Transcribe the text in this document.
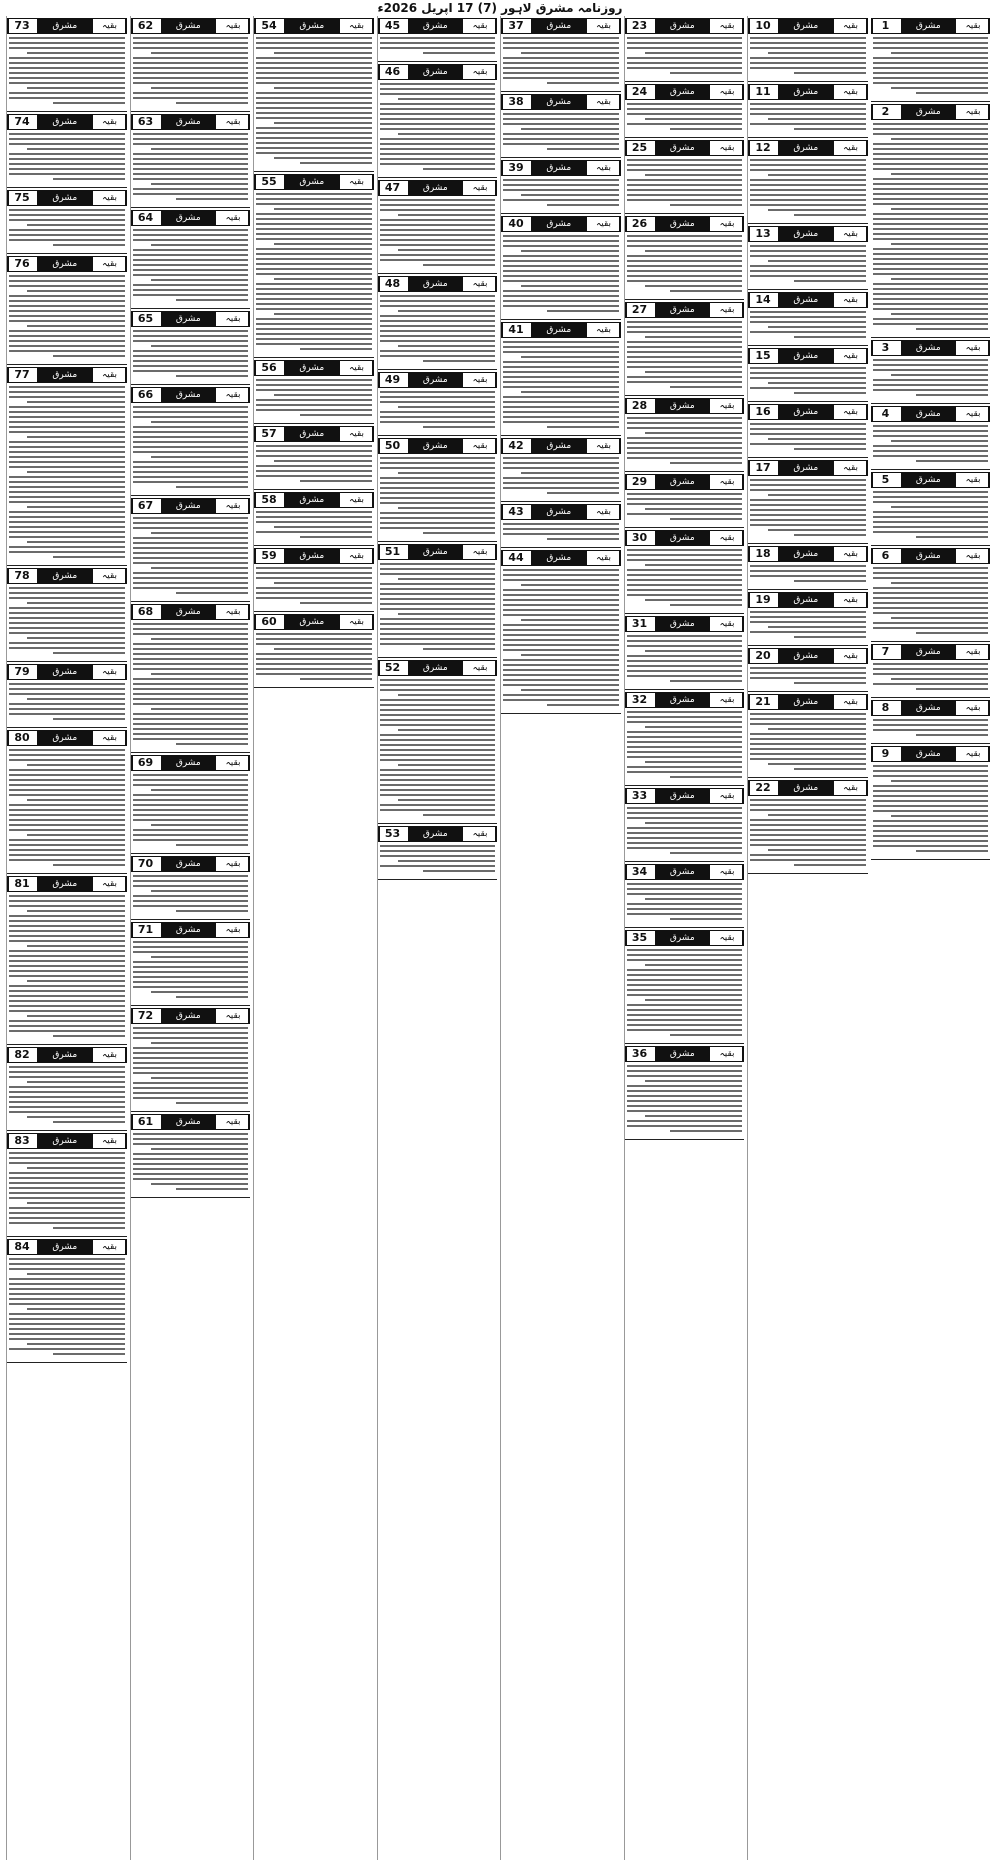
روزنامہ مشرق لاہور (7) 17 اپریل 2026ء
بقیہ
مشرق
73
بقیہ
مشرق
74
بقیہ
مشرق
75
بقیہ
مشرق
76
بقیہ
مشرق
77
بقیہ
مشرق
78
بقیہ
مشرق
79
بقیہ
مشرق
80
بقیہ
مشرق
81
بقیہ
مشرق
82
بقیہ
مشرق
83
بقیہ
مشرق
84
بقیہ
مشرق
62
بقیہ
مشرق
63
بقیہ
مشرق
64
بقیہ
مشرق
65
بقیہ
مشرق
66
بقیہ
مشرق
67
بقیہ
مشرق
68
بقیہ
مشرق
69
بقیہ
مشرق
70
بقیہ
مشرق
71
بقیہ
مشرق
72
بقیہ
مشرق
61
بقیہ
مشرق
54
بقیہ
مشرق
55
بقیہ
مشرق
56
بقیہ
مشرق
57
بقیہ
مشرق
58
بقیہ
مشرق
59
بقیہ
مشرق
60
بقیہ
مشرق
45
بقیہ
مشرق
46
بقیہ
مشرق
47
بقیہ
مشرق
48
بقیہ
مشرق
49
بقیہ
مشرق
50
بقیہ
مشرق
51
بقیہ
مشرق
52
بقیہ
مشرق
53
بقیہ
مشرق
37
بقیہ
مشرق
38
بقیہ
مشرق
39
بقیہ
مشرق
40
بقیہ
مشرق
41
بقیہ
مشرق
42
بقیہ
مشرق
43
بقیہ
مشرق
44
بقیہ
مشرق
23
بقیہ
مشرق
24
بقیہ
مشرق
25
بقیہ
مشرق
26
بقیہ
مشرق
27
بقیہ
مشرق
28
بقیہ
مشرق
29
بقیہ
مشرق
30
بقیہ
مشرق
31
بقیہ
مشرق
32
بقیہ
مشرق
33
بقیہ
مشرق
34
بقیہ
مشرق
35
بقیہ
مشرق
36
بقیہ
مشرق
10
بقیہ
مشرق
11
بقیہ
مشرق
12
بقیہ
مشرق
13
بقیہ
مشرق
14
بقیہ
مشرق
15
بقیہ
مشرق
16
بقیہ
مشرق
17
بقیہ
مشرق
18
بقیہ
مشرق
19
بقیہ
مشرق
20
بقیہ
مشرق
21
بقیہ
مشرق
22
بقیہ
مشرق
1
بقیہ
مشرق
2
بقیہ
مشرق
3
بقیہ
مشرق
4
بقیہ
مشرق
5
بقیہ
مشرق
6
بقیہ
مشرق
7
بقیہ
مشرق
8
بقیہ
مشرق
9
